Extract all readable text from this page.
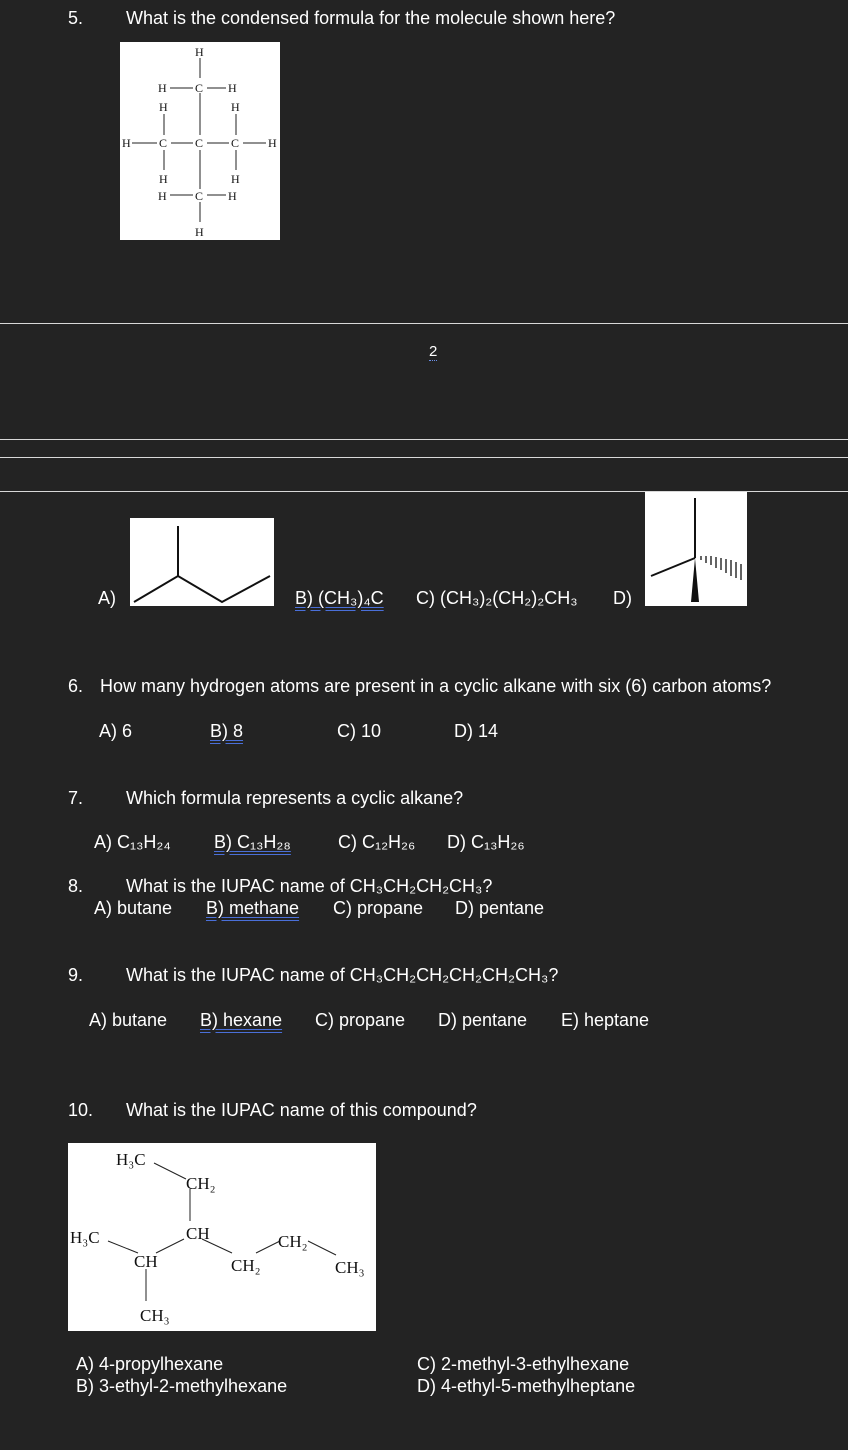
5. What is the condensed formula for the molecule shown here?
H
H C H
H	H
H C C C H
H	H
H C H
H
2
A)	B) (CH₃)₄C C) (CH₃)₂(CH₂)₂CH₃ D)
6. How many hydrogen atoms are present in a cyclic alkane with six (6) carbon atoms?
A) 6	B) 8	C) 10	D) 14
7. Which formula represents a cyclic alkane?
A) C₁₃H₂₄ B) C₁₃H₂₈	C) C₁₂H₂₆ D) C₁₃H₂₆
8. What is the IUPAC name of CH₃CH₂CH₂CH₃?
A) butane B) methane C) propane D) pentane
9. What is the IUPAC name of CH₃CH₂CH₂CH₂CH₂CH₃?
A) butane B) hexane C) propane D) pentane E) heptane
10. What is the IUPAC name of this compound?
H₃C
CH₂
H₃C	CH	CH₂
CH	CH₂	CH₃
CH₃
A) 4-propylhexane
B) 3-ethyl-2-methylhexane
C) 2-methyl-3-ethylhexane
D) 4-ethyl-5-methylheptane
